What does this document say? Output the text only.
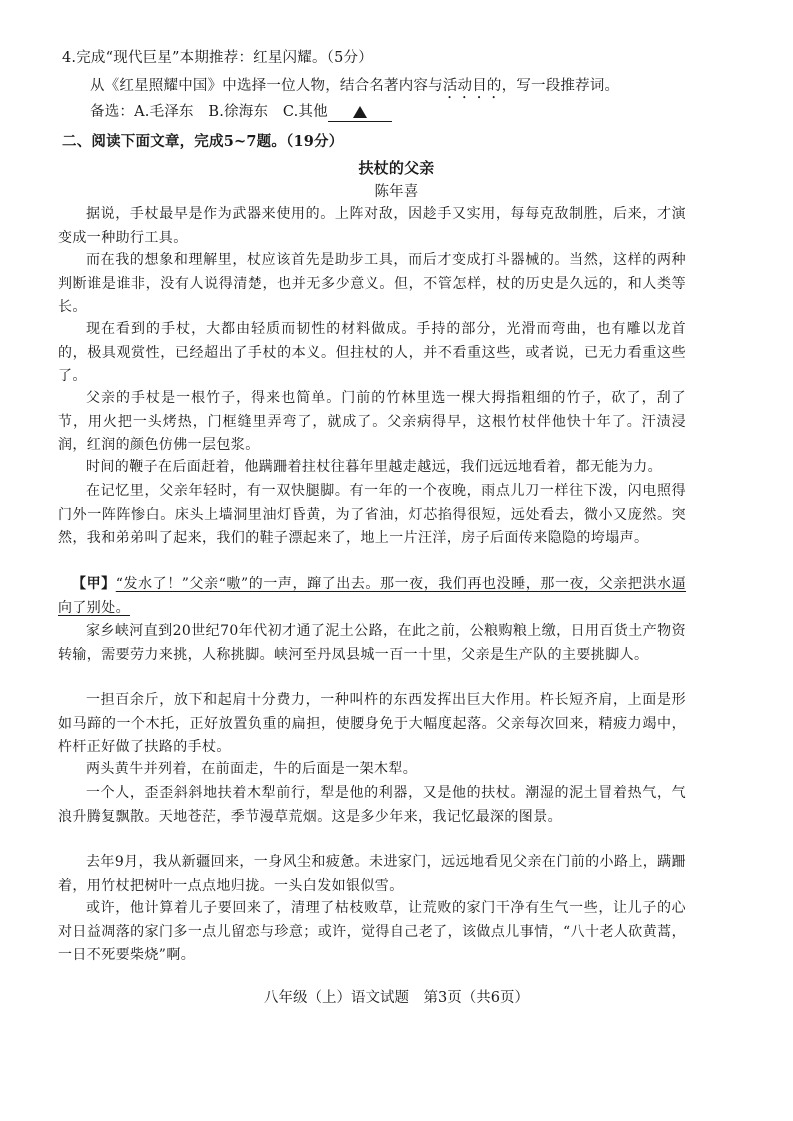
4.完成“现代巨星”本期推荐：红星闪耀。（5分）
从《红星照耀中国》中选择一位人物，结合名著内容与活动目的，写一段推荐词。
备选：A.毛泽东　B.徐海东　C.其他
二、阅读下面文章，完成5~7题。（19分）
扶杖的父亲
陈年喜

据说，手杖最早是作为武器来使用的。上阵对敌，因趁手又实用，每每克敌制胜，后来，才演变成一种助行工具。

而在我的想象和理解里，杖应该首先是助步工具，而后才变成打斗器械的。当然，这样的两种判断谁是谁非，没有人说得清楚，也并无多少意义。但，不管怎样，杖的历史是久远的，和人类等长。

现在看到的手杖，大都由轻质而韧性的材料做成。手持的部分，光滑而弯曲，也有雕以龙首的，极具观赏性，已经超出了手杖的本义。但拄杖的人，并不看重这些，或者说，已无力看重这些了。

父亲的手杖是一根竹子，得来也简单。门前的竹林里选一棵大拇指粗细的竹子，砍了，刮了节，用火把一头烤热，门框缝里弄弯了，就成了。父亲病得早，这根竹杖伴他快十年了。汗渍浸润，红润的颜色仿佛一层包浆。

时间的鞭子在后面赶着，他蹒跚着拄杖往暮年里越走越远，我们远远地看着，都无能为力。

在记忆里，父亲年轻时，有一双快腿脚。有一年的一个夜晚，雨点儿刀一样往下泼，闪电照得门外一阵阵惨白。床头上墙洞里油灯昏黄，为了省油，灯芯掐得很短，远处看去，微小又庞然。突然，我和弟弟叫了起来，我们的鞋子漂起来了，地上一片汪洋，房子后面传来隐隐的垮塌声。

【甲】“发水了！”父亲“嗷”的一声，蹿了出去。那一夜，我们再也没睡，那一夜，父亲把洪水逼向了别处。

家乡峡河直到20世纪70年代初才通了泥土公路，在此之前，公粮购粮上缴，日用百货土产物资转输，需要劳力来挑，人称挑脚。峡河至丹凤县城一百一十里，父亲是生产队的主要挑脚人。

一担百余斤，放下和起肩十分费力，一种叫杵的东西发挥出巨大作用。杵长短齐肩，上面是形如马蹄的一个木托，正好放置负重的扁担，使腰身免于大幅度起落。父亲每次回来，精疲力竭中，杵杆正好做了扶路的手杖。

两头黄牛并列着，在前面走，牛的后面是一架木犁。

一个人，歪歪斜斜地扶着木犁前行，犁是他的利器，又是他的扶杖。潮湿的泥土冒着热气，气浪升腾复飘散。天地苍茫，季节漫草荒烟。这是多少年来，我记忆最深的图景。

去年9月，我从新疆回来，一身风尘和疲惫。未进家门，远远地看见父亲在门前的小路上，蹒跚着，用竹杖把树叶一点点地归拢。一头白发如银似雪。

或许，他计算着儿子要回来了，清理了枯枝败草，让荒败的家门干净有生气一些，让儿子的心对日益凋落的家门多一点儿留恋与珍意；或许，觉得自己老了，该做点儿事情，“八十老人砍黄蒿，一日不死要柴烧”啊。

八年级（上）语文试题　第3页（共6页）
